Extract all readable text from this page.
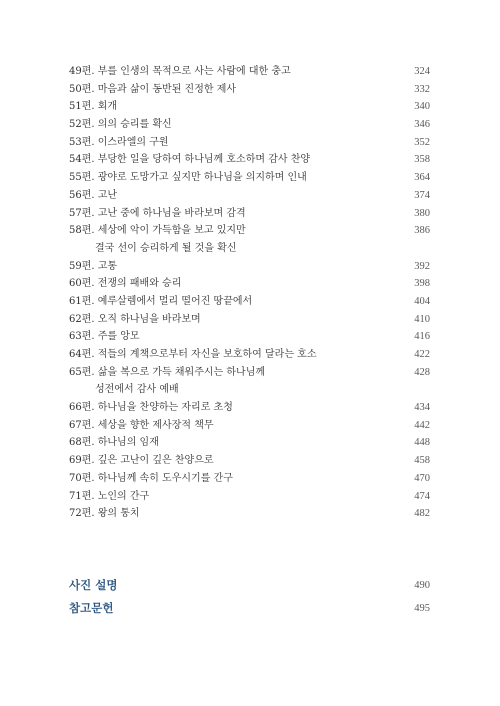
49편. 부를 인생의 목적으로 사는 사람에 대한 충고	324
50편. 마음과 삶이 동반된 진정한 제사	332
51편. 회개	340
52편. 의의 승리를 확신	346
53편. 이스라엘의 구원	352
54편. 부당한 일을 당하여 하나님께 호소하며 감사 찬양	358
55편. 광야로 도망가고 싶지만 하나님을 의지하며 인내	364
56편. 고난	374
57편. 고난 중에 하나님을 바라보며 감격	380
58편. 세상에 악이 가득함을 보고 있지만	386
결국 선이 승리하게 될 것을 확신
59편. 고통	392
60편. 전쟁의 패배와 승리	398
61편. 예루살렘에서 멀리 떨어진 땅끝에서	404
62편. 오직 하나님을 바라보며	410
63편. 주를 앙모	416
64편. 적들의 계책으로부터 자신을 보호하여 달라는 호소	422
65편. 삶을 복으로 가득 채워주시는 하나님께	428
성전에서 감사 예배
66편. 하나님을 찬양하는 자리로 초청	434
67편. 세상을 향한 제사장적 책무	442
68편. 하나님의 임재	448
69편. 깊은 고난이 깊은 찬양으로	458
70편. 하나님께 속히 도우시기를 간구	470
71편. 노인의 간구	474
72편. 왕의 통치	482
사진 설명	490
참고문헌	495
